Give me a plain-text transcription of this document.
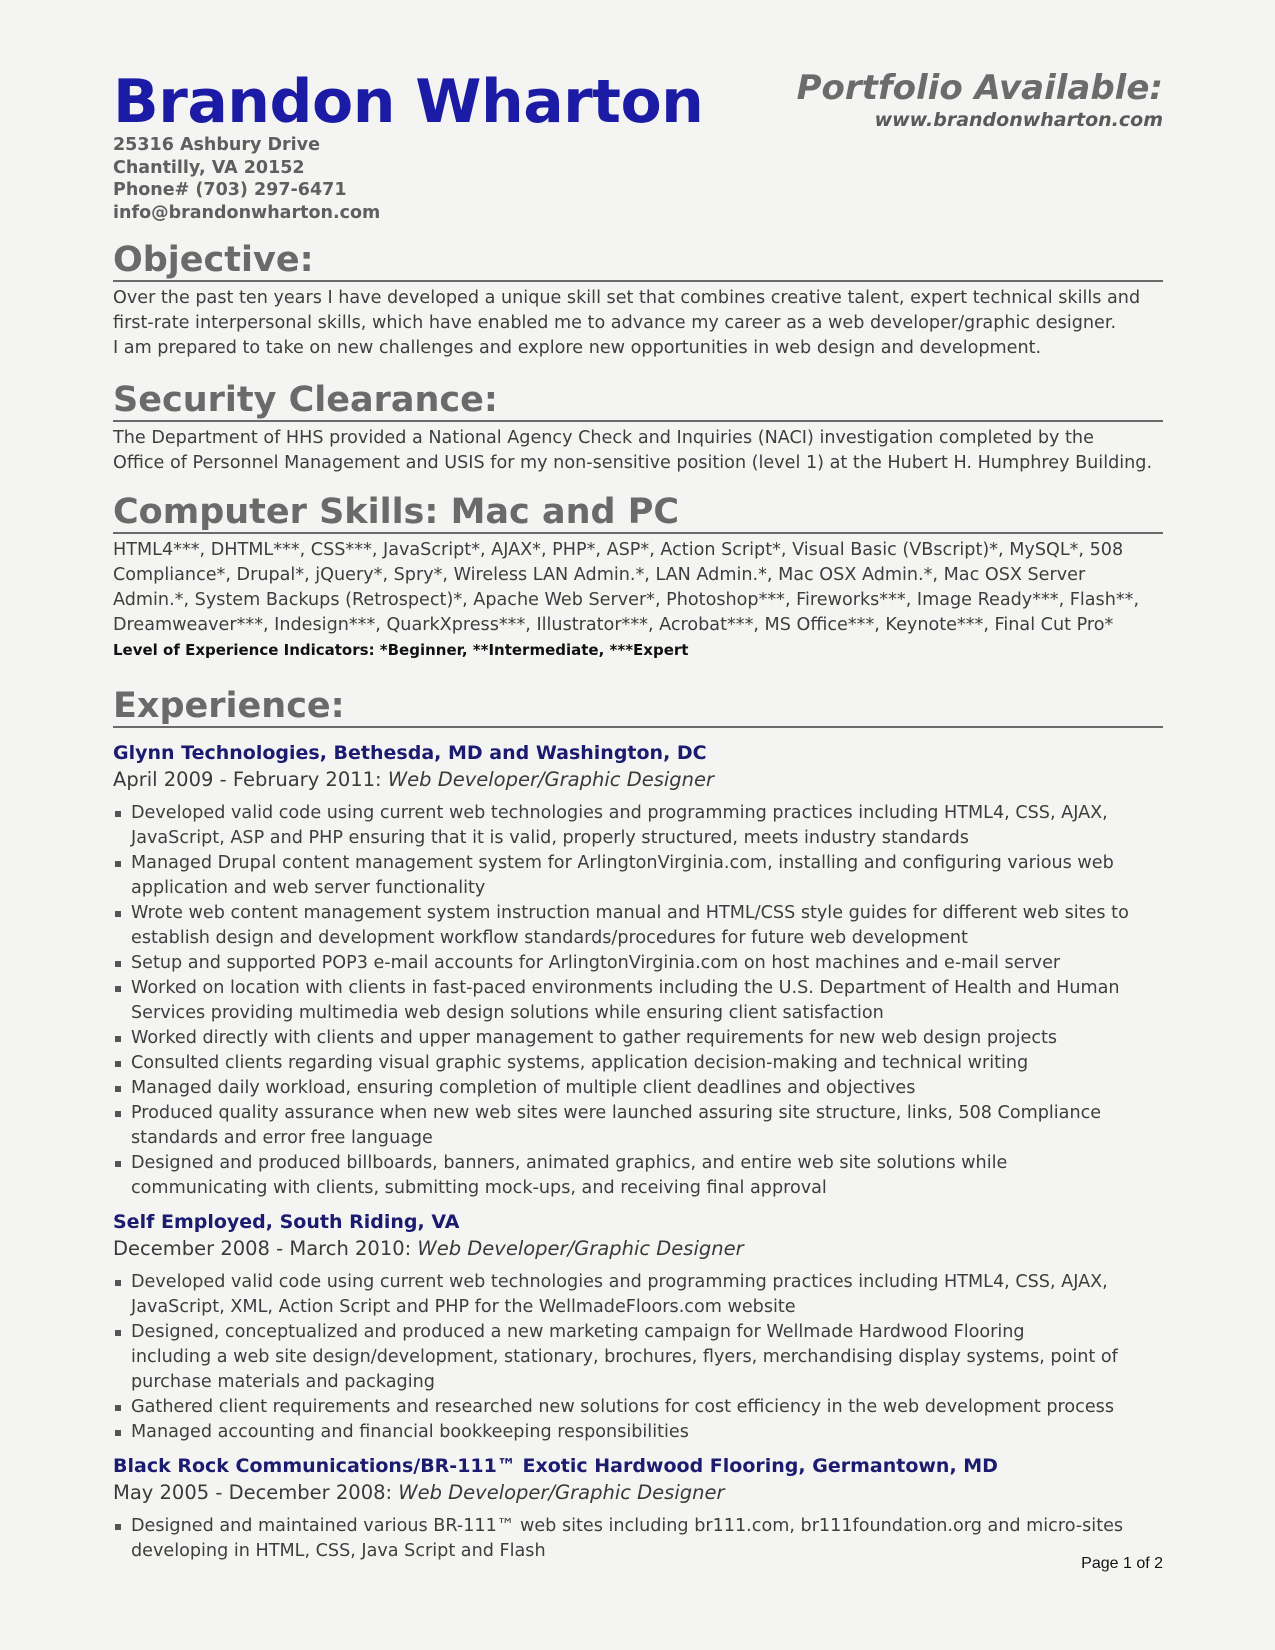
Brandon Wharton	Portfolio Available:
www.brandonwharton.com
25316 Ashbury Drive
Chantilly, VA 20152
Phone# (703) 297-6471
info@brandonwharton.com
Objective:
Over the past ten years I have developed a unique skill set that combines creative talent, expert technical skills and
first-rate interpersonal skills, which have enabled me to advance my career as a web developer/graphic designer.
I am prepared to take on new challenges and explore new opportunities in web design and development.
Security Clearance:
The Department of HHS provided a National Agency Check and Inquiries (NACI) investigation completed by the
Office of Personnel Management and USIS for my non-sensitive position (level 1) at the Hubert H. Humphrey Building.
Computer Skills: Mac and PC
HTML4***, DHTML***, CSS***, JavaScript*, AJAX*, PHP*, ASP*, Action Script*, Visual Basic (VBscript)*, MySQL*, 508
Compliance*, Drupal*, jQuery*, Spry*, Wireless LAN Admin.*, LAN Admin.*, Mac OSX Admin.*, Mac OSX Server
Admin.*, System Backups (Retrospect)*, Apache Web Server*, Photoshop***, Fireworks***, Image Ready***, Flash**,
Dreamweaver***, Indesign***, QuarkXpress***, Illustrator***, Acrobat***, MS Office***, Keynote***, Final Cut Pro*
Level of Experience Indicators: *Beginner, **Intermediate, ***Expert
Experience:
Glynn Technologies, Bethesda, MD and Washington, DC
April 2009 - February 2011: Web Developer/Graphic Designer
Developed valid code using current web technologies and programming practices including HTML4, CSS, AJAX,
JavaScript, ASP and PHP ensuring that it is valid, properly structured, meets industry standards
Managed Drupal content management system for ArlingtonVirginia.com, installing and configuring various web
application and web server functionality
Wrote web content management system instruction manual and HTML/CSS style guides for different web sites to
establish design and development workflow standards/procedures for future web development
Setup and supported POP3 e-mail accounts for ArlingtonVirginia.com on host machines and e-mail server
Worked on location with clients in fast-paced environments including the U.S. Department of Health and Human
Services providing multimedia web design solutions while ensuring client satisfaction
Worked directly with clients and upper management to gather requirements for new web design projects
Consulted clients regarding visual graphic systems, application decision-making and technical writing
Managed daily workload, ensuring completion of multiple client deadlines and objectives
Produced quality assurance when new web sites were launched assuring site structure, links, 508 Compliance
standards and error free language
Designed and produced billboards, banners, animated graphics, and entire web site solutions while
communicating with clients, submitting mock-ups, and receiving final approval
Self Employed, South Riding, VA
December 2008 - March 2010: Web Developer/Graphic Designer
Developed valid code using current web technologies and programming practices including HTML4, CSS, AJAX,
JavaScript, XML, Action Script and PHP for the WellmadeFloors.com website
Designed, conceptualized and produced a new marketing campaign for Wellmade Hardwood Flooring
including a web site design/development, stationary, brochures, flyers, merchandising display systems, point of
purchase materials and packaging
Gathered client requirements and researched new solutions for cost efficiency in the web development process
Managed accounting and financial bookkeeping responsibilities
Black Rock Communications/BR-111™ Exotic Hardwood Flooring, Germantown, MD
May 2005 - December 2008: Web Developer/Graphic Designer
Designed and maintained various BR-111™ web sites including br111.com, br111foundation.org and micro-sites
developing in HTML, CSS, Java Script and Flash
Page 1 of 2
